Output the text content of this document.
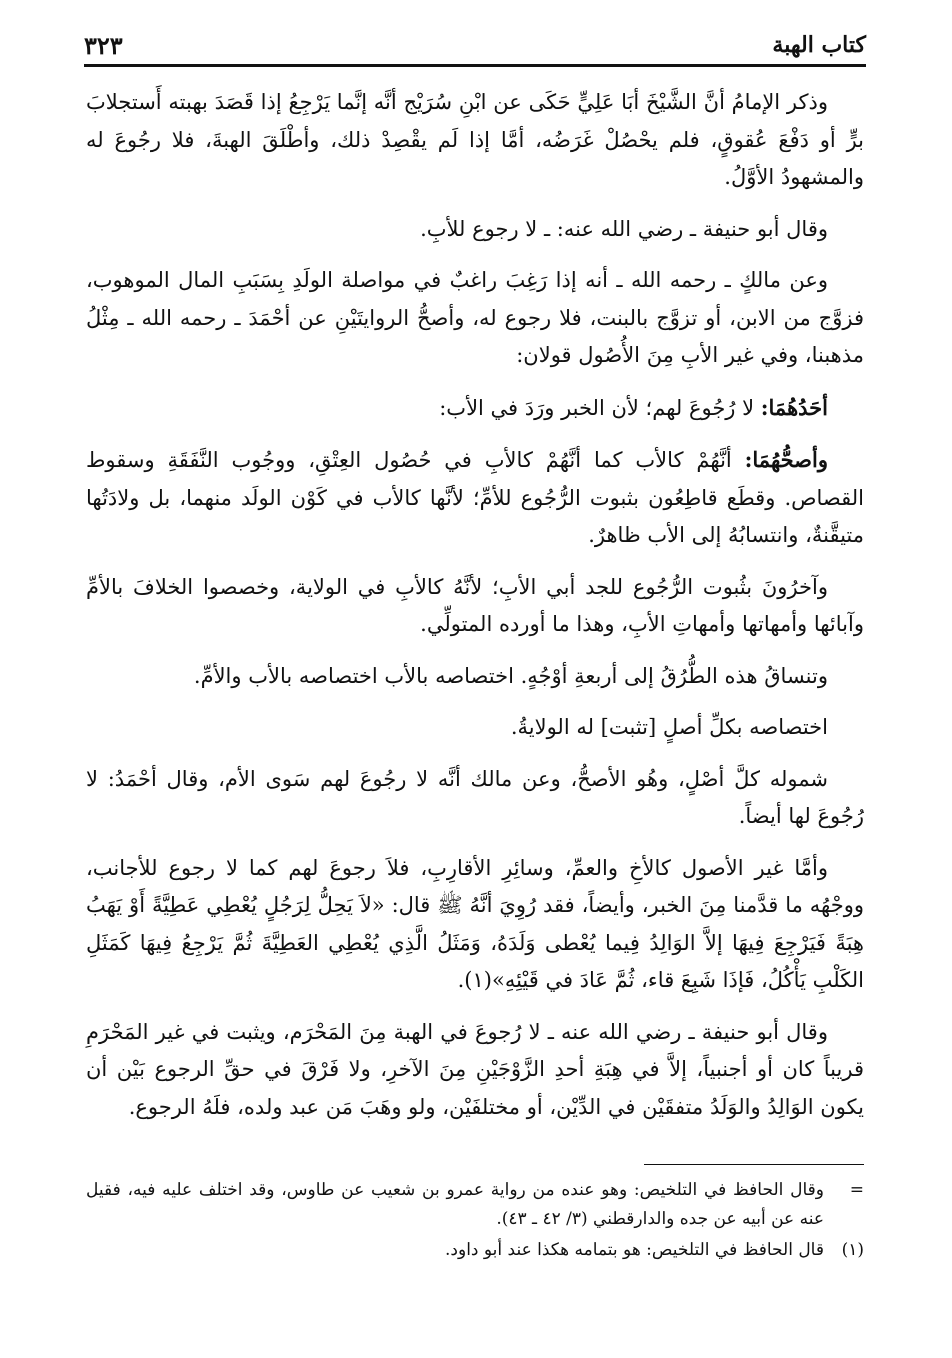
كتاب الهبة
٣٢٣

وذكر الإمامُ أنَّ الشَّيْخَ أبَا عَلِيٍّ حَكَى عن ابْنِ سُرَيْج أنَّه إنَّما يَرْجِعُ إذا قَصَدَ بهبته أَستجلابَ برٍّ أو دَفْعَ عُقوقٍ، فلم يحْصُلْ غَرَضُه، أمَّا إذا لَم يقْصِدْ ذلك، وأطْلَقَ الهبةَ، فلا رجُوعَ له والمشهودُ الأوَّلُ.

وقال أبو حنيفة ـ رضي الله عنه: ـ لا رجوع للأبِ.

وعن مالكٍ ـ رحمه الله ـ أنه إذا رَغِبَ راغبٌ في مواصلة الولَدِ بِسَبَبِ المال الموهوب، فزوَّج من الابن، أو تزوَّج بالبنت، فلا رجوع له، وأصحُّ الروايتَيْنِ عن أحْمَدَ ـ رحمه الله ـ مِثْلُ مذهبنا، وفي غير الأبِ مِنَ الأُصُول قولان:

أحَدُهُمَا: لا رُجُوعَ لهم؛ لأن الخبر ورَدَ في الأب:

وأصحُّهُمَا: أنَّهُمْ كالأب كما أنَّهُمْ كالأبِ في حُصُول العِتْقِ، ووجُوب النَّفَقَةِ وسقوط القصاص. وقطَع قاطِعُون بثبوت الرُّجُوع للأمِّ؛ لأنَّها كالأب في كَوْن الولَد منهما، بل ولادَتُها متيقَّنةٌ، وانتسابُهُ إلى الأب ظاهرٌ.

وآخرُونَ بثُبوت الرُّجُوع للجد أبي الأبِ؛ لأنَّهُ كالأبِ في الولاية، وخصصوا الخلافَ بالأمِّ وآبائها وأمهاتها وأمهاتِ الأبِ، وهذا ما أورده المتولِّي.

وتنساقُ هذه الطُّرُقُ إلى أربعةِ أوْجُهٍ. اختصاصه بالأب اختصاصه بالأب والأمِّ.

اختصاصه بكلِّ أصلٍ [تثبت] له الولايةُ.

شموله كلَّ أصْلٍ، وهُو الأصحُّ، وعن مالك أنَّه لا رجُوعَ لهم سَوى الأم، وقال أحْمَدُ: لا رُجُوعَ لها أيضاً.

وأمَّا غير الأصول كالأخِ والعمِّ، وسائِرِ الأقارِبِ، فلاَ رجوعَ لهم كما لا رجوع للأجانب، ووجْهُه ما قدَّمنا مِنَ الخبر، وأيضاً، فقد رُوِيَ أنَّهُ ﷺ قال: «لاَ يَحِلُّ لِرَجُلٍ يُعْطِي عَطِيَّةً أَوْ يَهَبُ هِبَةً فَيَرْجِعَ فِيهَا إلاَّ الوَالِدُ فِيما يُعْطى وَلَدَهُ، وَمَثَلُ الَّذِي يُعْطِي العَطِيَّةَ ثُمَّ يَرْجِعُ فِيهَا كَمَثَلِ الكَلْبِ يَأْكُلُ، فَإذَا شَبِعَ قاء، ثُمَّ عَادَ في قَيْئِهِ»(١).

وقال أبو حنيفة ـ رضي الله عنه ـ لا رُجوعَ في الهبة مِنَ المَحْرَم، ويثبت في غير المَحْرَمِ قريباً كان أو أجنبياً، إلاَّ في هِبَةِ أحدِ الزَّوْجَيْنِ مِنَ الآخرِ، ولا فَرْقَ في حقِّ الرجوع بَيْن أن يكون الوَالِدُ والوَلَدُ متفقَيْن في الدِّيْن، أو مختلفَيْن، ولو وهَبَ مَن عبد ولده، فلَهُ الرجوع.

=
وقال الحافظ في التلخيص: وهو عنده من رواية عمرو بن شعيب عن طاوس، وقد اختلف عليه فيه، فقيل عنه عن أبيه عن جده والدارقطني (٣/ ٤٢ ـ ٤٣).
(١)
قال الحافظ في التلخيص: هو بتمامه هكذا عند أبو داود.
